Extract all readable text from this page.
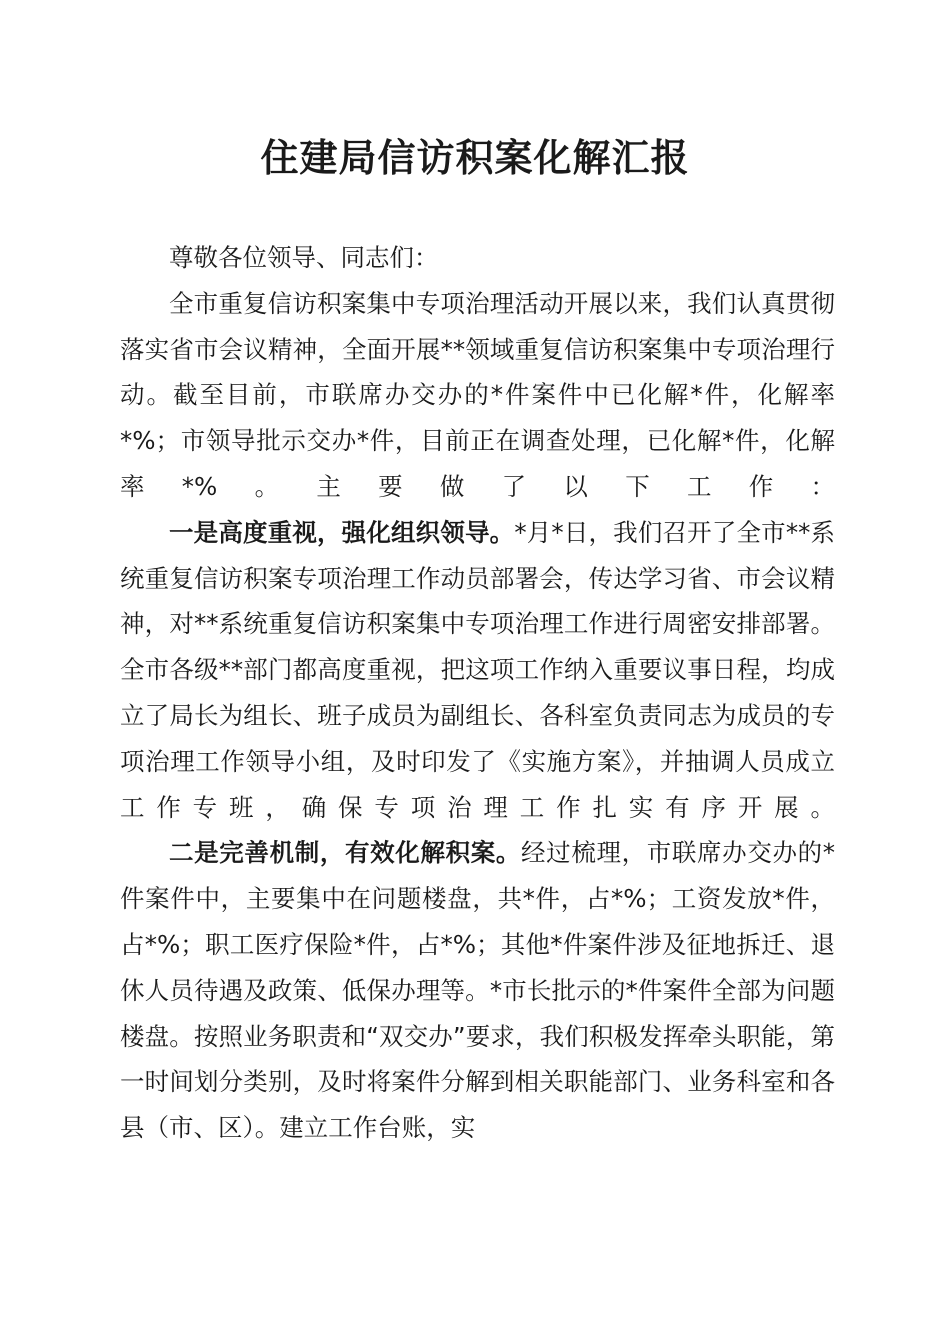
住建局信访积案化解汇报

尊敬各位领导、同志们：

全市重复信访积案集中专项治理活动开展以来，我们认真贯彻落实省市会议精神，全面开展**领域重复信访积案集中专项治理行动。截至目前，市联席办交办的*件案件中已化解*件，化解率*%；市领导批示交办*件，目前正在调查处理，已化解*件，化解率*%。主要做了以下工作：

一是高度重视，强化组织领导。*月*日，我们召开了全市**系统重复信访积案专项治理工作动员部署会，传达学习省、市会议精神，对**系统重复信访积案集中专项治理工作进行周密安排部署。全市各级**部门都高度重视，把这项工作纳入重要议事日程，均成立了局长为组长、班子成员为副组长、各科室负责同志为成员的专项治理工作领导小组，及时印发了《实施方案》，并抽调人员成立工作专班，确保专项治理工作扎实有序开展。

二是完善机制，有效化解积案。经过梳理，市联席办交办的*件案件中，主要集中在问题楼盘，共*件，占*%；工资发放*件，占*%；职工医疗保险*件，占*%；其他*件案件涉及征地拆迁、退休人员待遇及政策、低保办理等。*市长批示的*件案件全部为问题楼盘。按照业务职责和“双交办”要求，我们积极发挥牵头职能，第一时间划分类别，及时将案件分解到相关职能部门、业务科室和各县（市、区）。建立工作台账，实
